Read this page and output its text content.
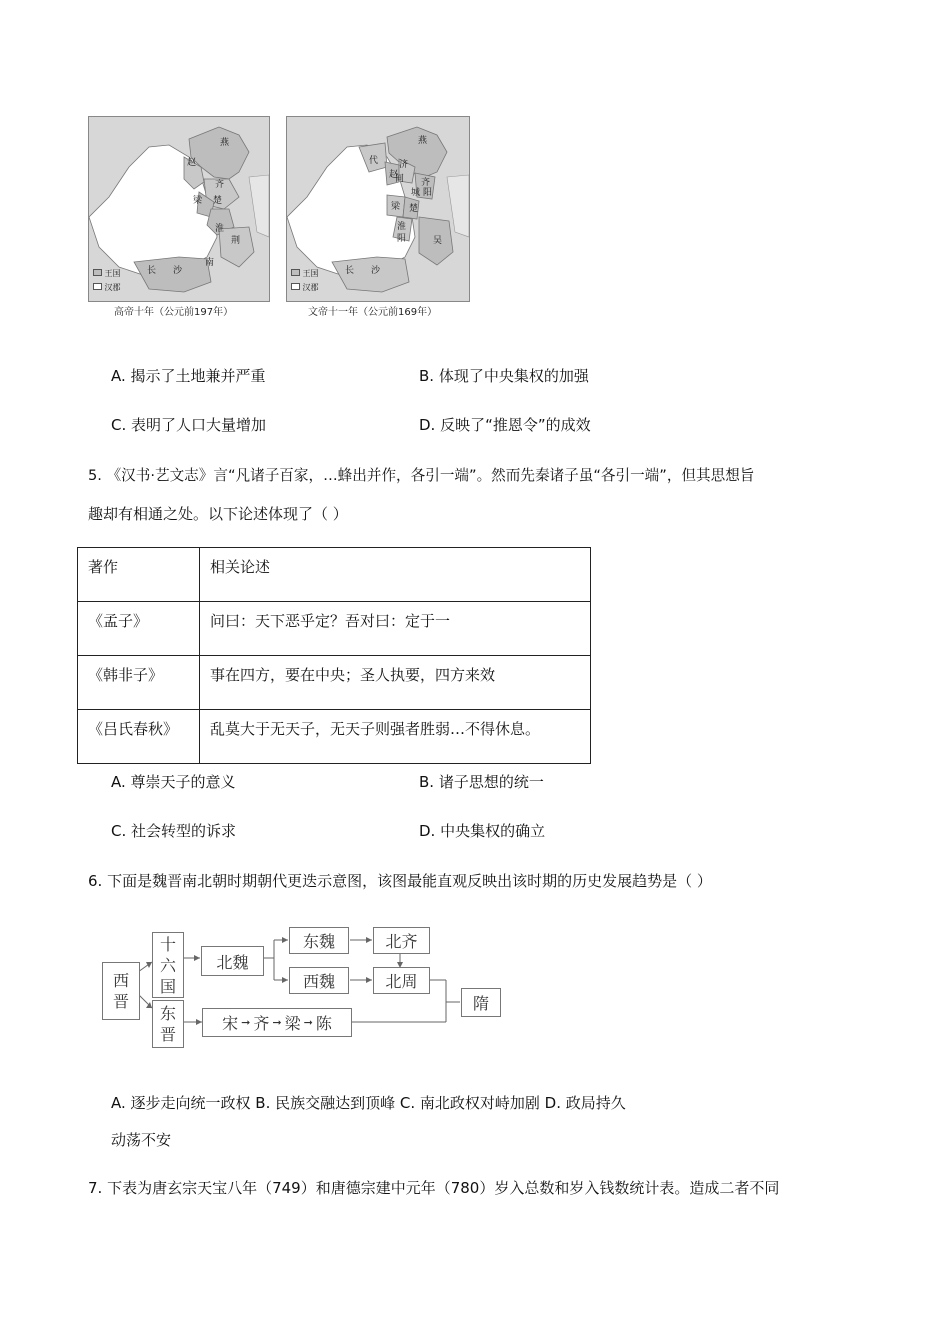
燕
赵
齐
梁 楚
淮
荆
南
长 沙
王国
汉郡
高帝十年（公元前197年）
燕
代
赵
济
间 齐
城 阳
梁 楚
淮
阳	吴
长 沙
王国
汉郡
文帝十一年（公元前169年）
A. 揭示了土地兼并严重	B. 体现了中央集权的加强
C. 表明了人口大量增加	D. 反映了“推恩令”的成效
5. 《汉书·艺文志》言“凡诸子百家，…蜂出并作，各引一端”。然而先秦诸子虽“各引一端”，但其思想旨
趣却有相通之处。以下论述体现了（ ）
著作	相关论述
《孟子》	问曰：天下恶乎定？吾对曰：定于一
《韩非子》	事在四方，要在中央；圣人执要，四方来效
《吕氏春秋》	乱莫大于无天子，无天子则强者胜弱…不得休息。
A. 尊崇天子的意义	B. 诸子思想的统一
C. 社会转型的诉求	D. 中央集权的确立
6. 下面是魏晋南北朝时期朝代更迭示意图，该图最能直观反映出该时期的历史发展趋势是（ ）
西
晋
十
六
国
东
晋
北魏
东魏
西魏
北齐
北周
宋 ➞ 齐 ➞ 梁 ➞ 陈
隋
A. 逐步走向统一政权 B. 民族交融达到顶峰 C. 南北政权对峙加剧 D. 政局持久
动荡不安
7. 下表为唐玄宗天宝八年（749）和唐德宗建中元年（780）岁入总数和岁入钱数统计表。造成二者不同
